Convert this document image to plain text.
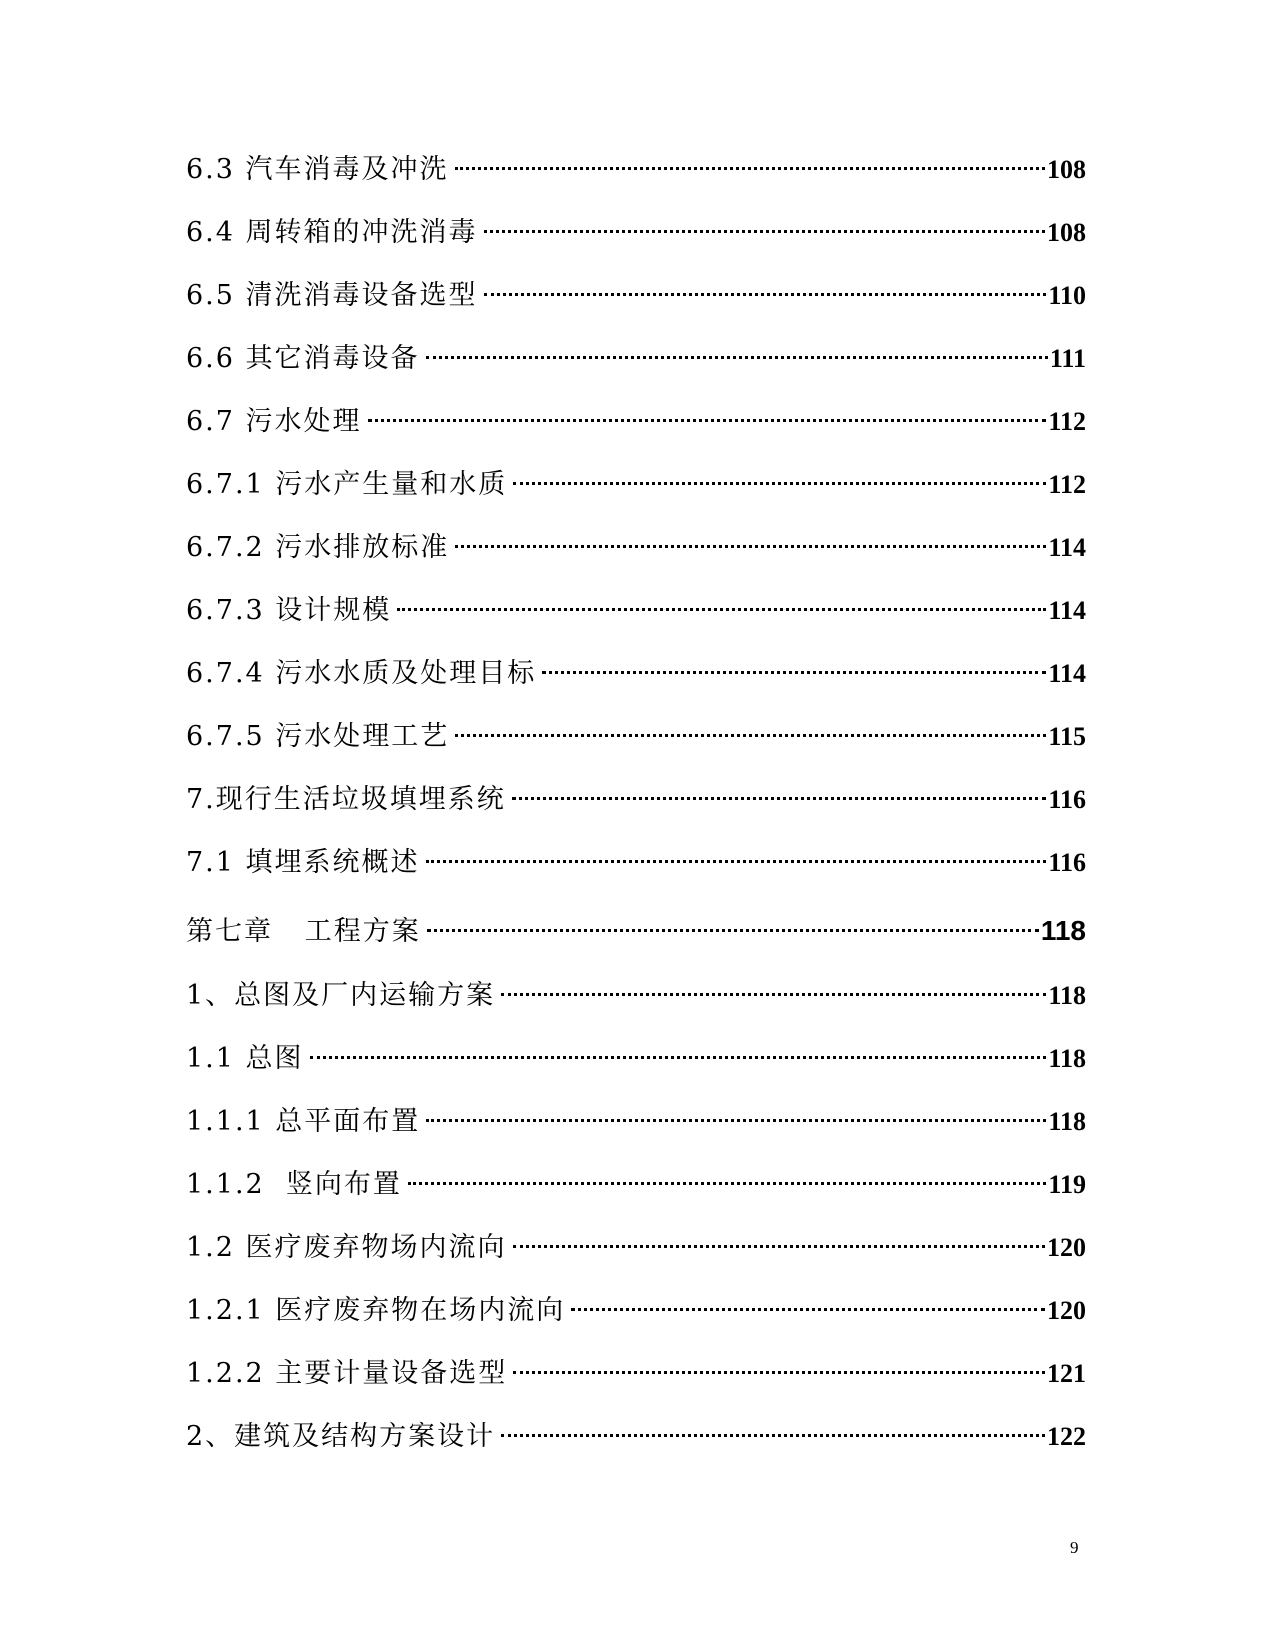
6.3 汽车消毒及冲洗	108
6.4 周转箱的冲洗消毒	108
6.5 清洗消毒设备选型	110
6.6 其它消毒设备	111
6.7 污水处理	112
6.7.1 污水产生量和水质	112
6.7.2 污水排放标准	114
6.7.3 设计规模	114
6.7.4 污水水质及处理目标	114
6.7.5 污水处理工艺	115
7.现行生活垃圾填埋系统	116
7.1 填埋系统概述	116
第七章   工程方案	118
1、总图及厂内运输方案	118
1.1 总图	118
1.1.1 总平面布置	118
1.1.2  竖向布置	119
1.2 医疗废弃物场内流向	120
1.2.1 医疗废弃物在场内流向	120
1.2.2 主要计量设备选型	121
2、建筑及结构方案设计	122
9
